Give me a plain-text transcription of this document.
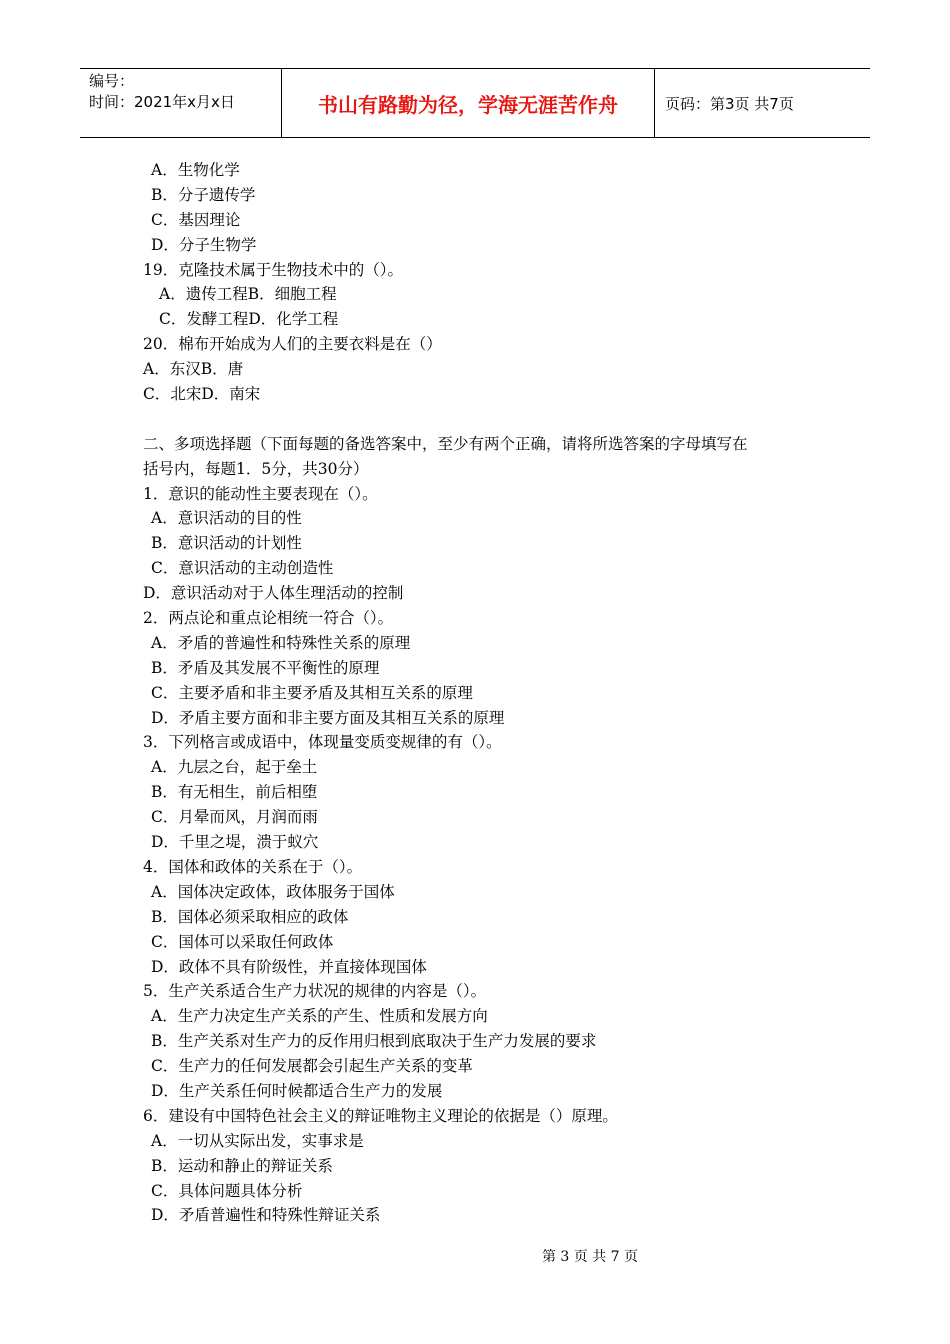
编号：
时间：2021年x月x日	书山有路勤为径，学海无涯苦作舟	页码：第3页 共7页
A．生物化学
B．分子遗传学
C．基因理论
D．分子生物学
19．克隆技术属于生物技术中的（）。
A．遗传工程B．细胞工程
C．发酵工程D．化学工程
20．棉布开始成为人们的主要衣料是在（）
A．东汉B．唐
C．北宋D．南宋
二、多项选择题（下面每题的备选答案中，至少有两个正确，请将所选答案的字母填写在
括号内，每题1．5分，共30分）
1．意识的能动性主要表现在（）。
A．意识活动的目的性
B．意识活动的计划性
C．意识活动的主动创造性
D．意识活动对于人体生理活动的控制
2．两点论和重点论相统一符合（）。
A．矛盾的普遍性和特殊性关系的原理
B．矛盾及其发展不平衡性的原理
C．主要矛盾和非主要矛盾及其相互关系的原理
D．矛盾主要方面和非主要方面及其相互关系的原理
3．下列格言或成语中，体现量变质变规律的有（）。
A．九层之台，起于垒土
B．有无相生，前后相堕
C．月晕而风，月润而雨
D．千里之堤，溃于蚁穴
4．国体和政体的关系在于（）。
A．国体决定政体，政体服务于国体
B．国体必须采取相应的政体
C．国体可以采取任何政体
D．政体不具有阶级性，并直接体现国体
5．生产关系适合生产力状况的规律的内容是（）。
A．生产力决定生产关系的产生、性质和发展方向
B．生产关系对生产力的反作用归根到底取决于生产力发展的要求
C．生产力的任何发展都会引起生产关系的变革
D．生产关系任何时候都适合生产力的发展
6．建设有中国特色社会主义的辩证唯物主义理论的依据是（）原理。
A．一切从实际出发，实事求是
B．运动和静止的辩证关系
C．具体问题具体分析
D．矛盾普遍性和特殊性辩证关系
第 3 页 共 7 页
